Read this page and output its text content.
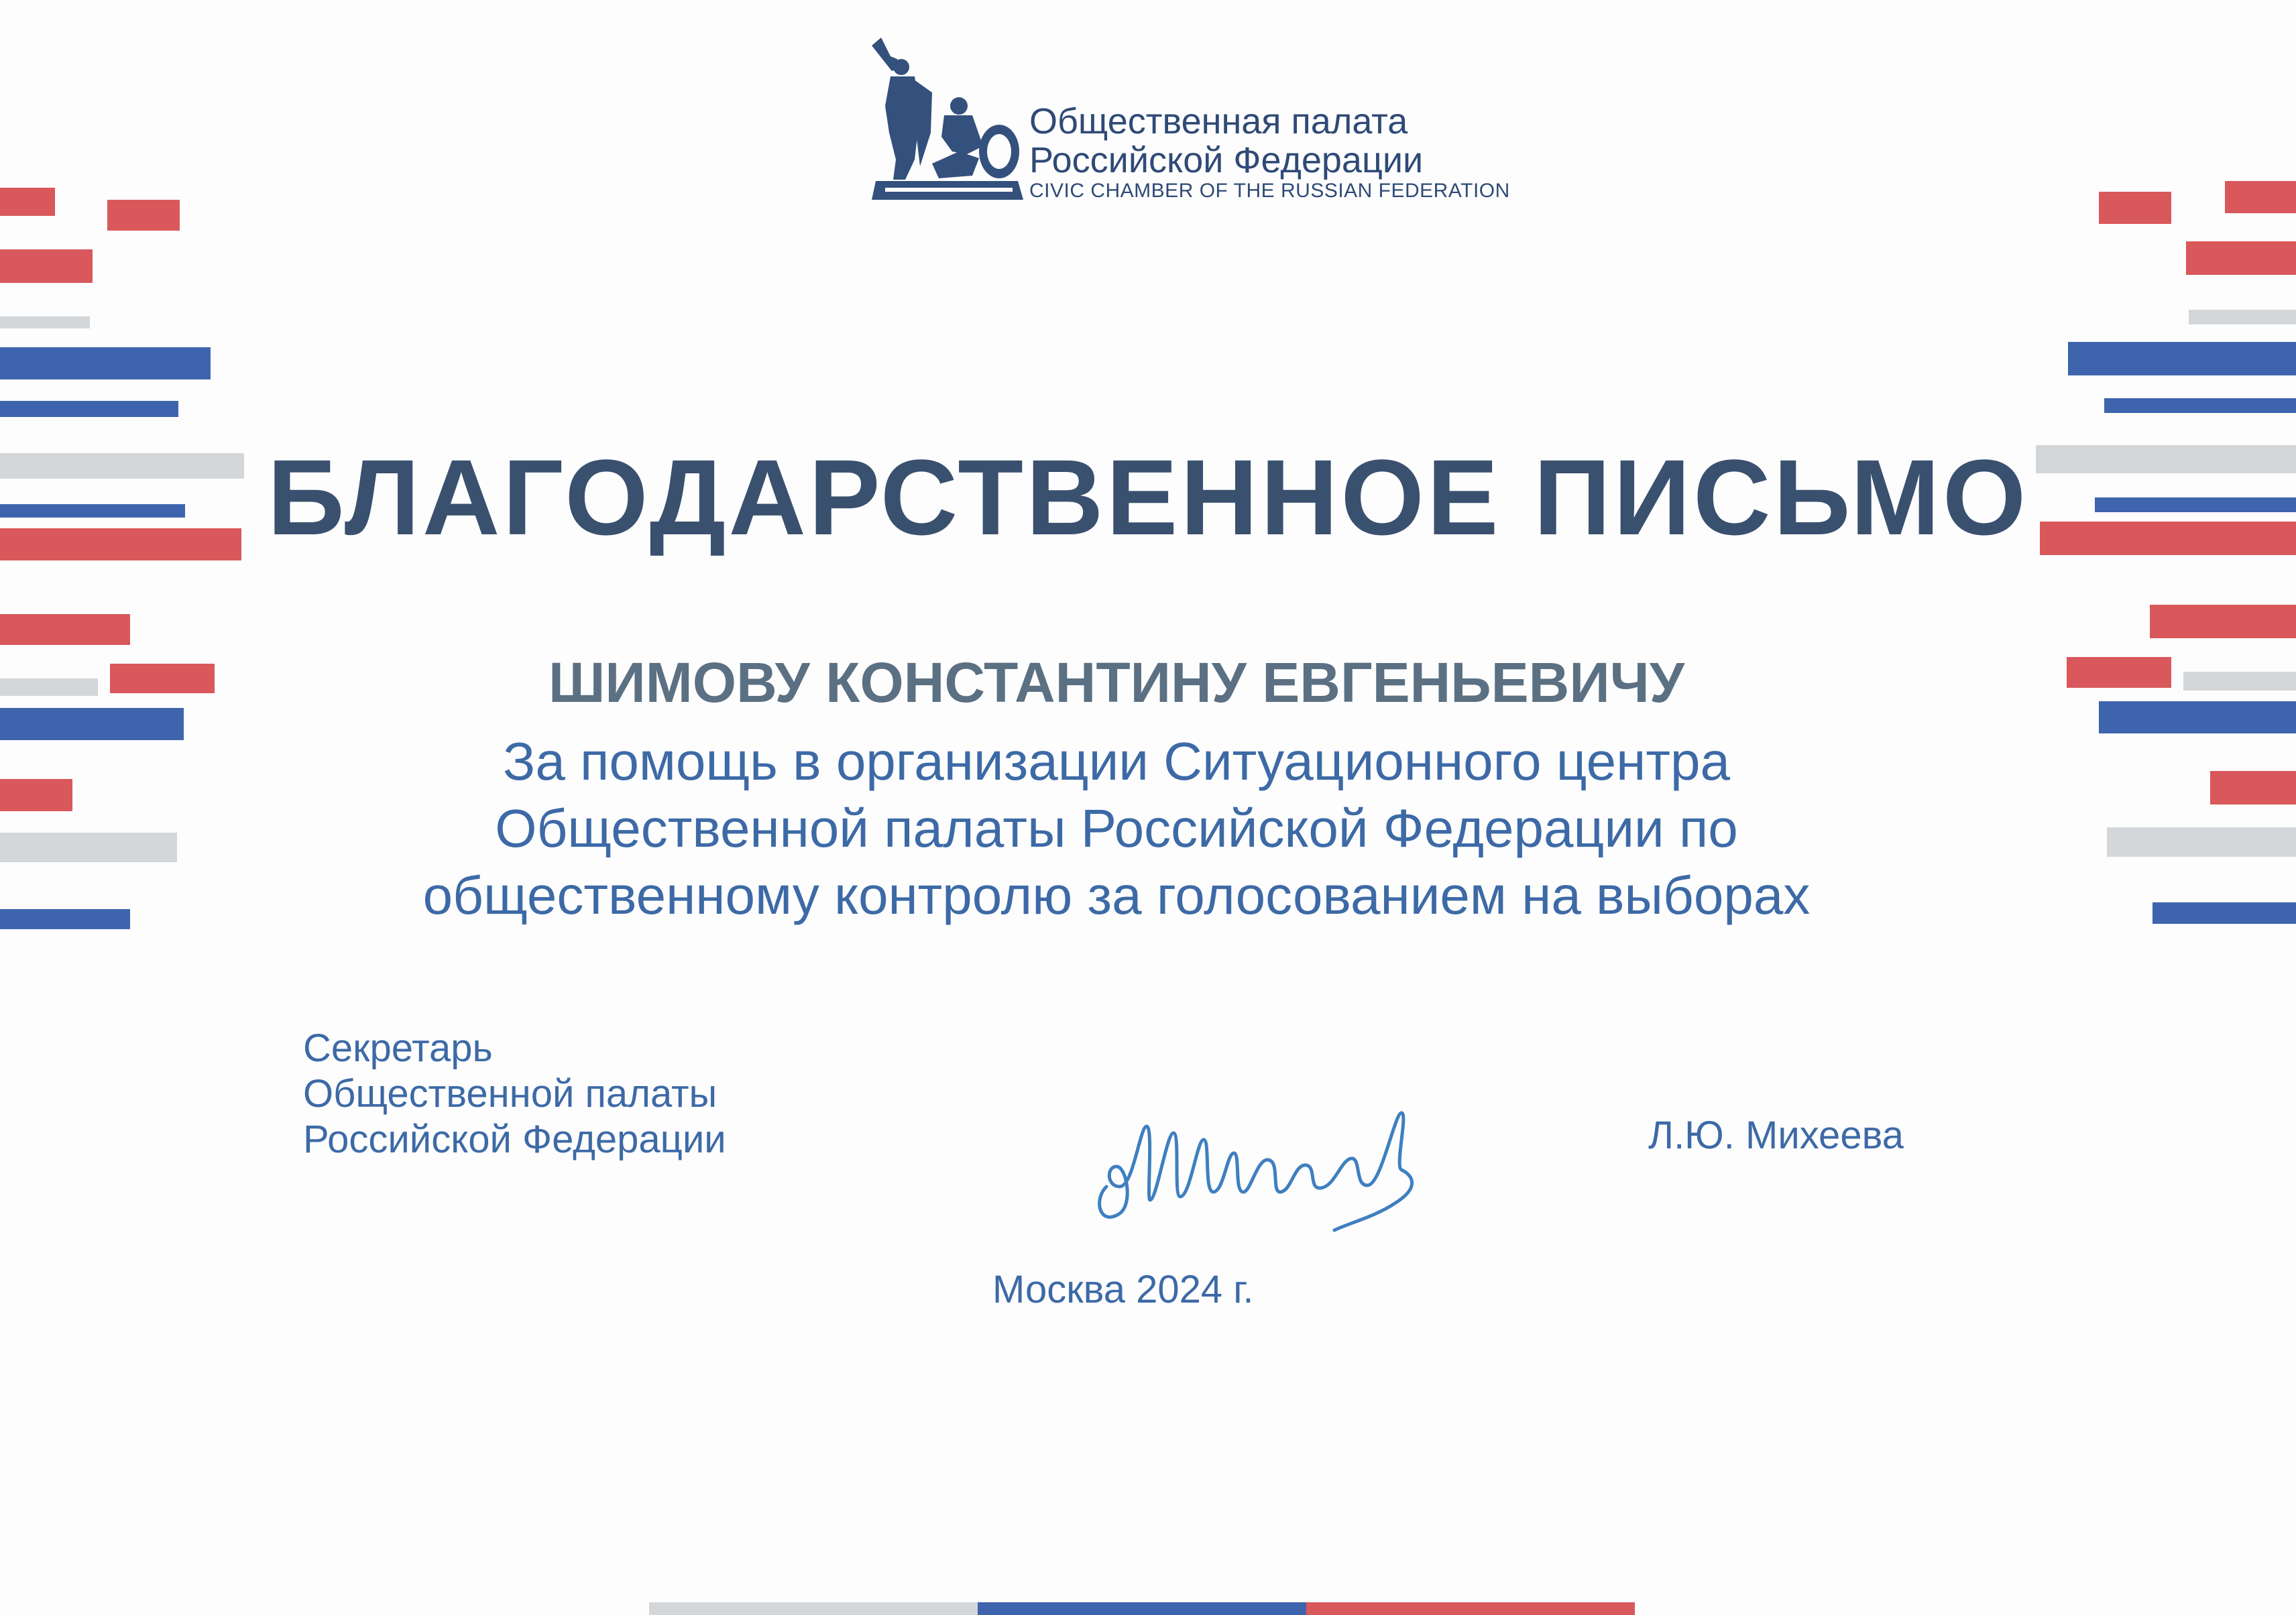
Общественная палата
Российской Федерации
CIVIC CHAMBER OF THE RUSSIAN FEDERATION
БЛАГОДАРСТВЕННОЕ ПИСЬМО
ШИМОВУ КОНСТАНТИНУ ЕВГЕНЬЕВИЧУ
За помощь в организации Ситуационного центра
Общественной палаты Российской Федерации по
общественному контролю за голосованием на выборах
Секретарь
Общественной палаты
Российской Федерации	Л.Ю. Михеева
Москва 2024 г.
